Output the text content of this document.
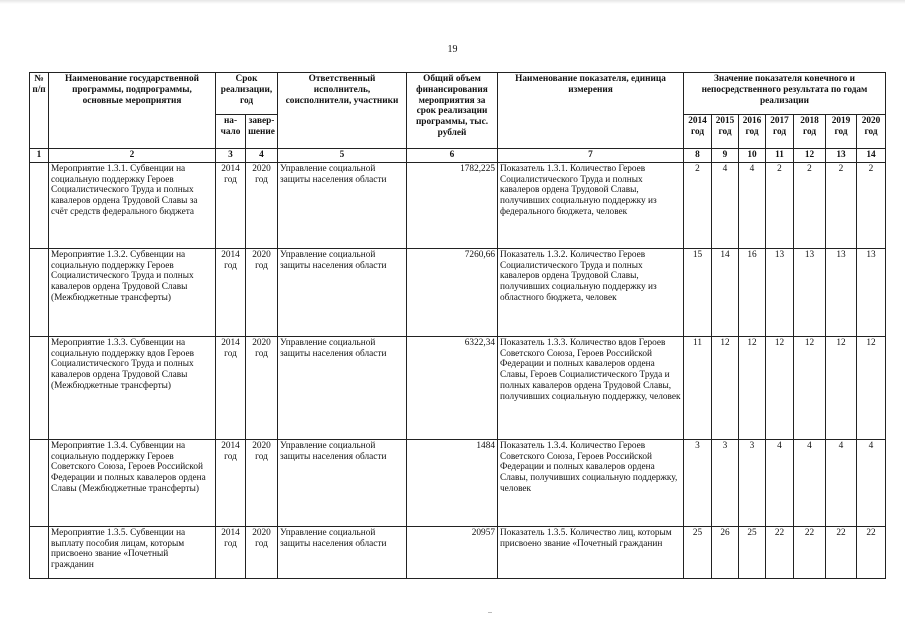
19
№ п/п	Наименование государственной программы, подпрограммы, основные мероприятия	Срок реализации, год		Ответственный исполнитель, соисполнители, участники	Общий объем финансирования мероприятия за срок реализации программы, тыс. рублей	Наименование показателя, единица измерения	Значение показателя конечного и непосредственного результата по годам реализации						
		на-чало	завер-шение				2014 год	2015 год	2016 год	2017 год	2018 год	2019 год	2020 год
1	2	3	4	5	6	7	8	9	10	11	12	13	14
	Мероприятие 1.3.1. Субвенции на социальную поддержку Героев Социалистического Труда и полных кавалеров ордена Трудовой Славы за счёт средств федерального бюджета	2014 год	2020 год	Управление социальной защиты населения области	1782,225	Показатель 1.3.1. Количество Героев Социалистического Труда и полных кавалеров ордена Трудовой Славы, получивших социальную поддержку из федерального бюджета, человек	2	4	4	2	2	2	2
	Мероприятие 1.3.2. Субвенции на социальную поддержку Героев Социалистического Труда и полных кавалеров ордена Трудовой Славы (Межбюджетные трансферты)	2014 год	2020 год	Управление социальной защиты населения области	7260,66	Показатель 1.3.2. Количество Героев Социалистического Труда и полных кавалеров ордена Трудовой Славы, получивших социальную поддержку из областного бюджета, человек	15	14	16	13	13	13	13
	Мероприятие 1.3.3. Субвенции на социальную поддержку вдов Героев Социалистического Труда и полных кавалеров ордена Трудовой Славы (Межбюджетные трансферты)	2014 год	2020 год	Управление социальной защиты населения области	6322,34	Показатель 1.3.3. Количество вдов Героев Советского Союза, Героев Российской Федерации и полных кавалеров ордена Славы, Героев Социалистического Труда и полных кавалеров ордена Трудовой Славы, получивших социальную поддержку, человек	11	12	12	12	12	12	12
	Мероприятие 1.3.4. Субвенции на социальную поддержку Героев Советского Союза, Героев Российской Федерации и полных кавалеров ордена Славы (Межбюджетные трансферты)	2014 год	2020 год	Управление социальной защиты населения области	1484	Показатель 1.3.4. Количество Героев Советского Союза, Героев Российской Федерации и полных кавалеров ордена Славы, получивших социальную поддержку, человек	3	3	3	4	4	4	4
	Мероприятие 1.3.5. Субвенции на выплату пособия лицам, которым присвоено звание «Почетный гражданин	2014 год	2020 год	Управление социальной защиты населения области	20957	Показатель 1.3.5. Количество лиц, которым присвоено звание «Почетный гражданин	25	26	25	22	22	22	22
